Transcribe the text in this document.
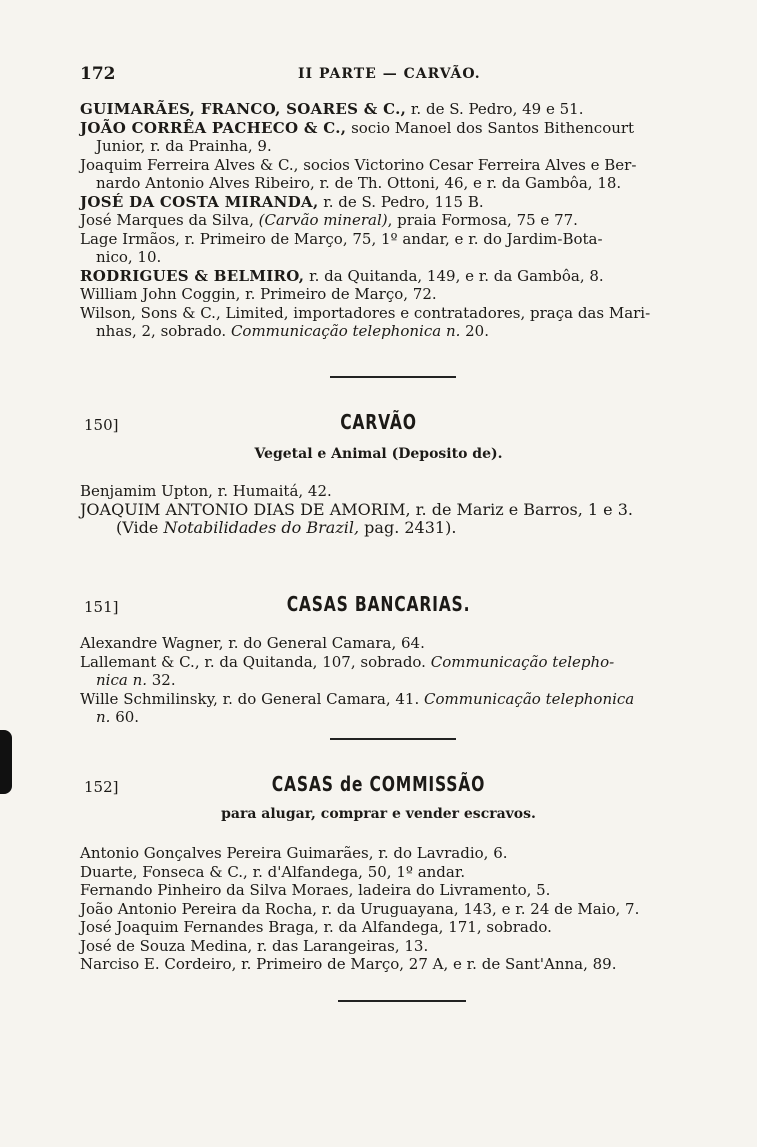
172	II PARTE — CARVÃO.

GUIMARÃES, FRANCO, SOARES & C., r. de S. Pedro, 49 e 51.

JOÃO CORRÊA PACHECO & C., socio Manoel dos Santos Bithencourt
Junior, r. da Prainha, 9.

Joaquim Ferreira Alves & C., socios Victorino Cesar Ferreira Alves e Ber-
nardo Antonio Alves Ribeiro, r. de Th. Ottoni, 46, e r. da Gambôa, 18.

JOSÉ DA COSTA MIRANDA, r. de S. Pedro, 115 B.

José Marques da Silva, (Carvão mineral), praia Formosa, 75 e 77.

Lage Irmãos, r. Primeiro de Março, 75, 1º andar, e r. do Jardim-Bota-
nico, 10.

RODRIGUES & BELMIRO, r. da Quitanda, 149, e r. da Gambôa, 8.

William John Coggin, r. Primeiro de Março, 72.

Wilson, Sons & C., Limited, importadores e contratadores, praça das Mari-
nhas, 2, sobrado. Communicação telephonica n. 20.

150]	CARVÃO
Vegetal e Animal (Deposito de).

Benjamim Upton, r. Humaitá, 42.

JOAQUIM ANTONIO DIAS DE AMORIM, r. de Mariz e Barros, 1 e 3.
(Vide Notabilidades do Brazil, pag. 2431).

151]	CASAS BANCARIAS.

Alexandre Wagner, r. do General Camara, 64.

Lallemant & C., r. da Quitanda, 107, sobrado. Communicação telepho-
nica n. 32.

Wille Schmilinsky, r. do General Camara, 41. Communicação telephonica
n. 60.

152]	CASAS de COMMISSÃO
para alugar, comprar e vender escravos.

Antonio Gonçalves Pereira Guimarães, r. do Lavradio, 6.

Duarte, Fonseca & C., r. d'Alfandega, 50, 1º andar.

Fernando Pinheiro da Silva Moraes, ladeira do Livramento, 5.

João Antonio Pereira da Rocha, r. da Uruguayana, 143, e r. 24 de Maio, 7.

José Joaquim Fernandes Braga, r. da Alfandega, 171, sobrado.

José de Souza Medina, r. das Larangeiras, 13.

Narciso E. Cordeiro, r. Primeiro de Março, 27 A, e r. de Sant'Anna, 89.
